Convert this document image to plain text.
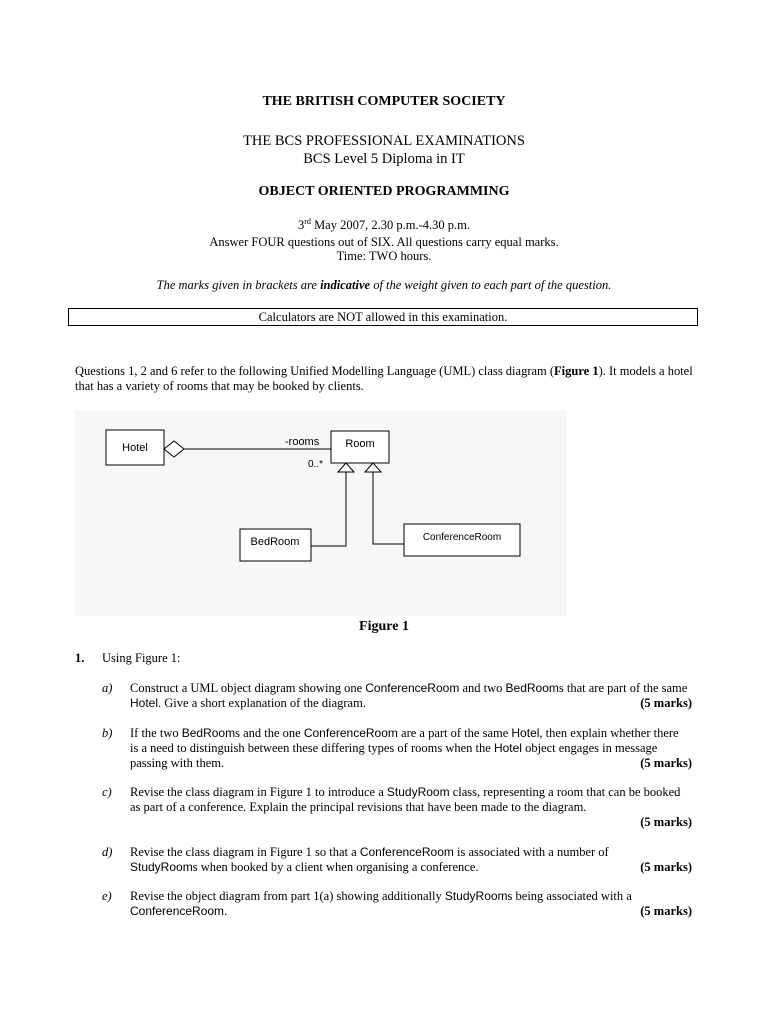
THE BRITISH COMPUTER SOCIETY
THE BCS PROFESSIONAL EXAMINATIONS
BCS Level 5 Diploma in IT
OBJECT ORIENTED PROGRAMMING
3rd May 2007, 2.30 p.m.-4.30 p.m.
Answer FOUR questions out of SIX. All questions carry equal marks.
Time: TWO hours.
The marks given in brackets are indicative of the weight given to each part of the question.
Calculators are NOT allowed in this examination.
Questions 1, 2 and 6 refer to the following Unified Modelling Language (UML) class diagram (Figure 1). It models a hotel that has a variety of rooms that may be booked by clients.
Hotel	-rooms
0..*
Room
BedRoom	ConferenceRoom
Figure 1
1. Using Figure 1:
a) Construct a UML object diagram showing one ConferenceRoom and two BedRooms that are part of the same Hotel. Give a short explanation of the diagram.	(5 marks)
b) If the two BedRooms and the one ConferenceRoom are a part of the same Hotel, then explain whether there is a need to distinguish between these differing types of rooms when the Hotel object engages in message passing with them.	(5 marks)
c) Revise the class diagram in Figure 1 to introduce a StudyRoom class, representing a room that can be booked as part of a conference. Explain the principal revisions that have been made to the diagram.
(5 marks)
d) Revise the class diagram in Figure 1 so that a ConferenceRoom is associated with a number of StudyRooms when booked by a client when organising a conference.	(5 marks)
e) Revise the object diagram from part 1(a) showing additionally StudyRooms being associated with a ConferenceRoom.	(5 marks)
